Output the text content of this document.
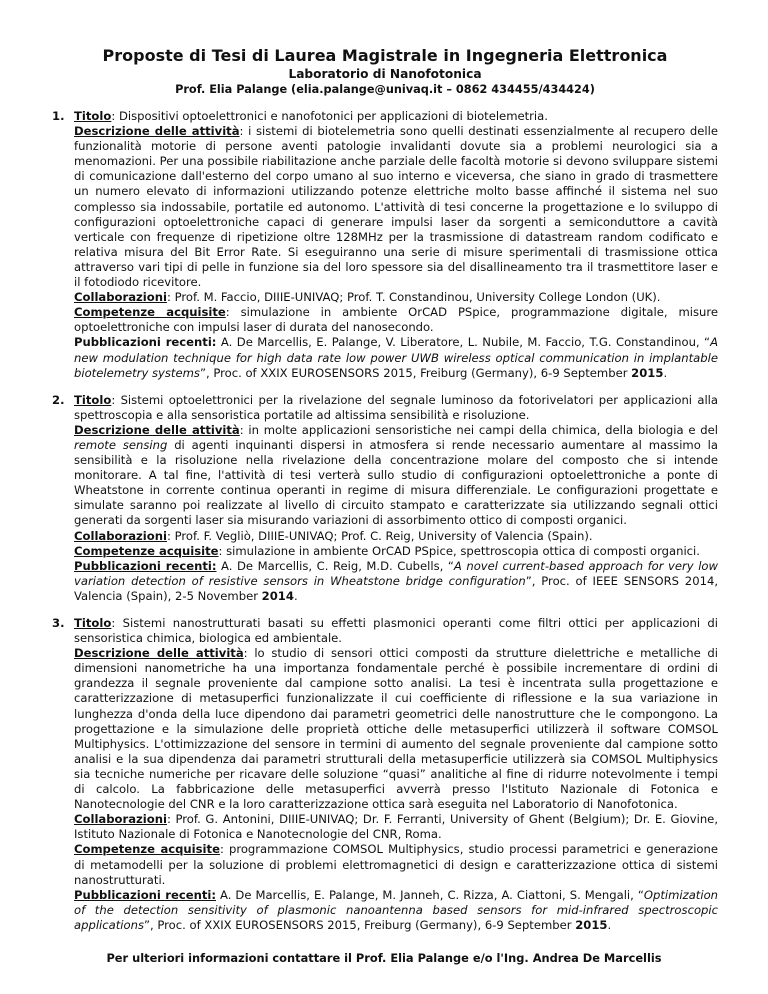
Proposte di Tesi di Laurea Magistrale in Ingegneria Elettronica
Laboratorio di Nanofotonica
Prof. Elia Palange (elia.palange@univaq.it – 0862 434455/434424)
1. Titolo: Dispositivi optoelettronici e nanofotonici per applicazioni di biotelemetria.

Descrizione delle attività: i sistemi di biotelemetria sono quelli destinati essenzialmente al recupero delle funzionalità motorie di persone aventi patologie invalidanti dovute sia a problemi neurologici sia a menomazioni. Per una possibile riabilitazione anche parziale delle facoltà motorie si devono sviluppare sistemi di comunicazione dall'esterno del corpo umano al suo interno e viceversa, che siano in grado di trasmettere un numero elevato di informazioni utilizzando potenze elettriche molto basse affinché il sistema nel suo complesso sia indossabile, portatile ed autonomo. L'attività di tesi concerne la progettazione e lo sviluppo di configurazioni optoelettroniche capaci di generare impulsi laser da sorgenti a semiconduttore a cavità verticale con frequenze di ripetizione oltre 128MHz per la trasmissione di datastream random codificato e relativa misura del Bit Error Rate. Si eseguiranno una serie di misure sperimentali di trasmissione ottica attraverso vari tipi di pelle in funzione sia del loro spessore sia del disallineamento tra il trasmettitore laser e il fotodiodo ricevitore.

Collaborazioni: Prof. M. Faccio, DIIIE-UNIVAQ; Prof. T. Constandinou, University College London (UK).

Competenze acquisite: simulazione in ambiente OrCAD PSpice, programmazione digitale, misure optoelettroniche con impulsi laser di durata del nanosecondo.

Pubblicazioni recenti: A. De Marcellis, E. Palange, V. Liberatore, L. Nubile, M. Faccio, T.G. Constandinou, “A new modulation technique for high data rate low power UWB wireless optical communication in implantable biotelemetry systems”, Proc. of XXIX EUROSENSORS 2015, Freiburg (Germany), 6-9 September 2015.

2. Titolo: Sistemi optoelettronici per la rivelazione del segnale luminoso da fotorivelatori per applicazioni alla spettroscopia e alla sensoristica portatile ad altissima sensibilità e risoluzione.

Descrizione delle attività: in molte applicazioni sensoristiche nei campi della chimica, della biologia e del remote sensing di agenti inquinanti dispersi in atmosfera si rende necessario aumentare al massimo la sensibilità e la risoluzione nella rivelazione della concentrazione molare del composto che si intende monitorare. A tal fine, l'attività di tesi verterà sullo studio di configurazioni optoelettroniche a ponte di Wheatstone in corrente continua operanti in regime di misura differenziale. Le configurazioni progettate e simulate saranno poi realizzate al livello di circuito stampato e caratterizzate sia utilizzando segnali ottici generati da sorgenti laser sia misurando variazioni di assorbimento ottico di composti organici.

Collaborazioni: Prof. F. Vegliò, DIIIE-UNIVAQ; Prof. C. Reig, University of Valencia (Spain).

Competenze acquisite: simulazione in ambiente OrCAD PSpice, spettroscopia ottica di composti organici.

Pubblicazioni recenti: A. De Marcellis, C. Reig, M.D. Cubells, “A novel current-based approach for very low variation detection of resistive sensors in Wheatstone bridge configuration”, Proc. of IEEE SENSORS 2014, Valencia (Spain), 2-5 November 2014.

3. Titolo: Sistemi nanostrutturati basati su effetti plasmonici operanti come filtri ottici per applicazioni di sensoristica chimica, biologica ed ambientale.

Descrizione delle attività: lo studio di sensori ottici composti da strutture dielettriche e metalliche di dimensioni nanometriche ha una importanza fondamentale perché è possibile incrementare di ordini di grandezza il segnale proveniente dal campione sotto analisi. La tesi è incentrata sulla progettazione e caratterizzazione di metasuperfici funzionalizzate il cui coefficiente di riflessione e la sua variazione in lunghezza d'onda della luce dipendono dai parametri geometrici delle nanostrutture che le compongono. La progettazione e la simulazione delle proprietà ottiche delle metasuperfici utilizzerà il software COMSOL Multiphysics. L'ottimizzazione del sensore in termini di aumento del segnale proveniente dal campione sotto analisi e la sua dipendenza dai parametri strutturali della metasuperficie utilizzerà sia COMSOL Multiphysics sia tecniche numeriche per ricavare delle soluzione “quasi” analitiche al fine di ridurre notevolmente i tempi di calcolo. La fabbricazione delle metasuperfici avverrà presso l'Istituto Nazionale di Fotonica e Nanotecnologie del CNR e la loro caratterizzazione ottica sarà eseguita nel Laboratorio di Nanofotonica.

Collaborazioni: Prof. G. Antonini, DIIIE-UNIVAQ; Dr. F. Ferranti, University of Ghent (Belgium); Dr. E. Giovine, Istituto Nazionale di Fotonica e Nanotecnologie del CNR, Roma.

Competenze acquisite: programmazione COMSOL Multiphysics, studio processi parametrici e generazione di metamodelli per la soluzione di problemi elettromagnetici di design e caratterizzazione ottica di sistemi nanostrutturati.

Pubblicazioni recenti: A. De Marcellis, E. Palange, M. Janneh, C. Rizza, A. Ciattoni, S. Mengali, “Optimization of the detection sensitivity of plasmonic nanoantenna based sensors for mid-infrared spectroscopic applications”, Proc. of XXIX EUROSENSORS 2015, Freiburg (Germany), 6-9 September 2015.

Per ulteriori informazioni contattare il Prof. Elia Palange e/o l'Ing. Andrea De Marcellis
